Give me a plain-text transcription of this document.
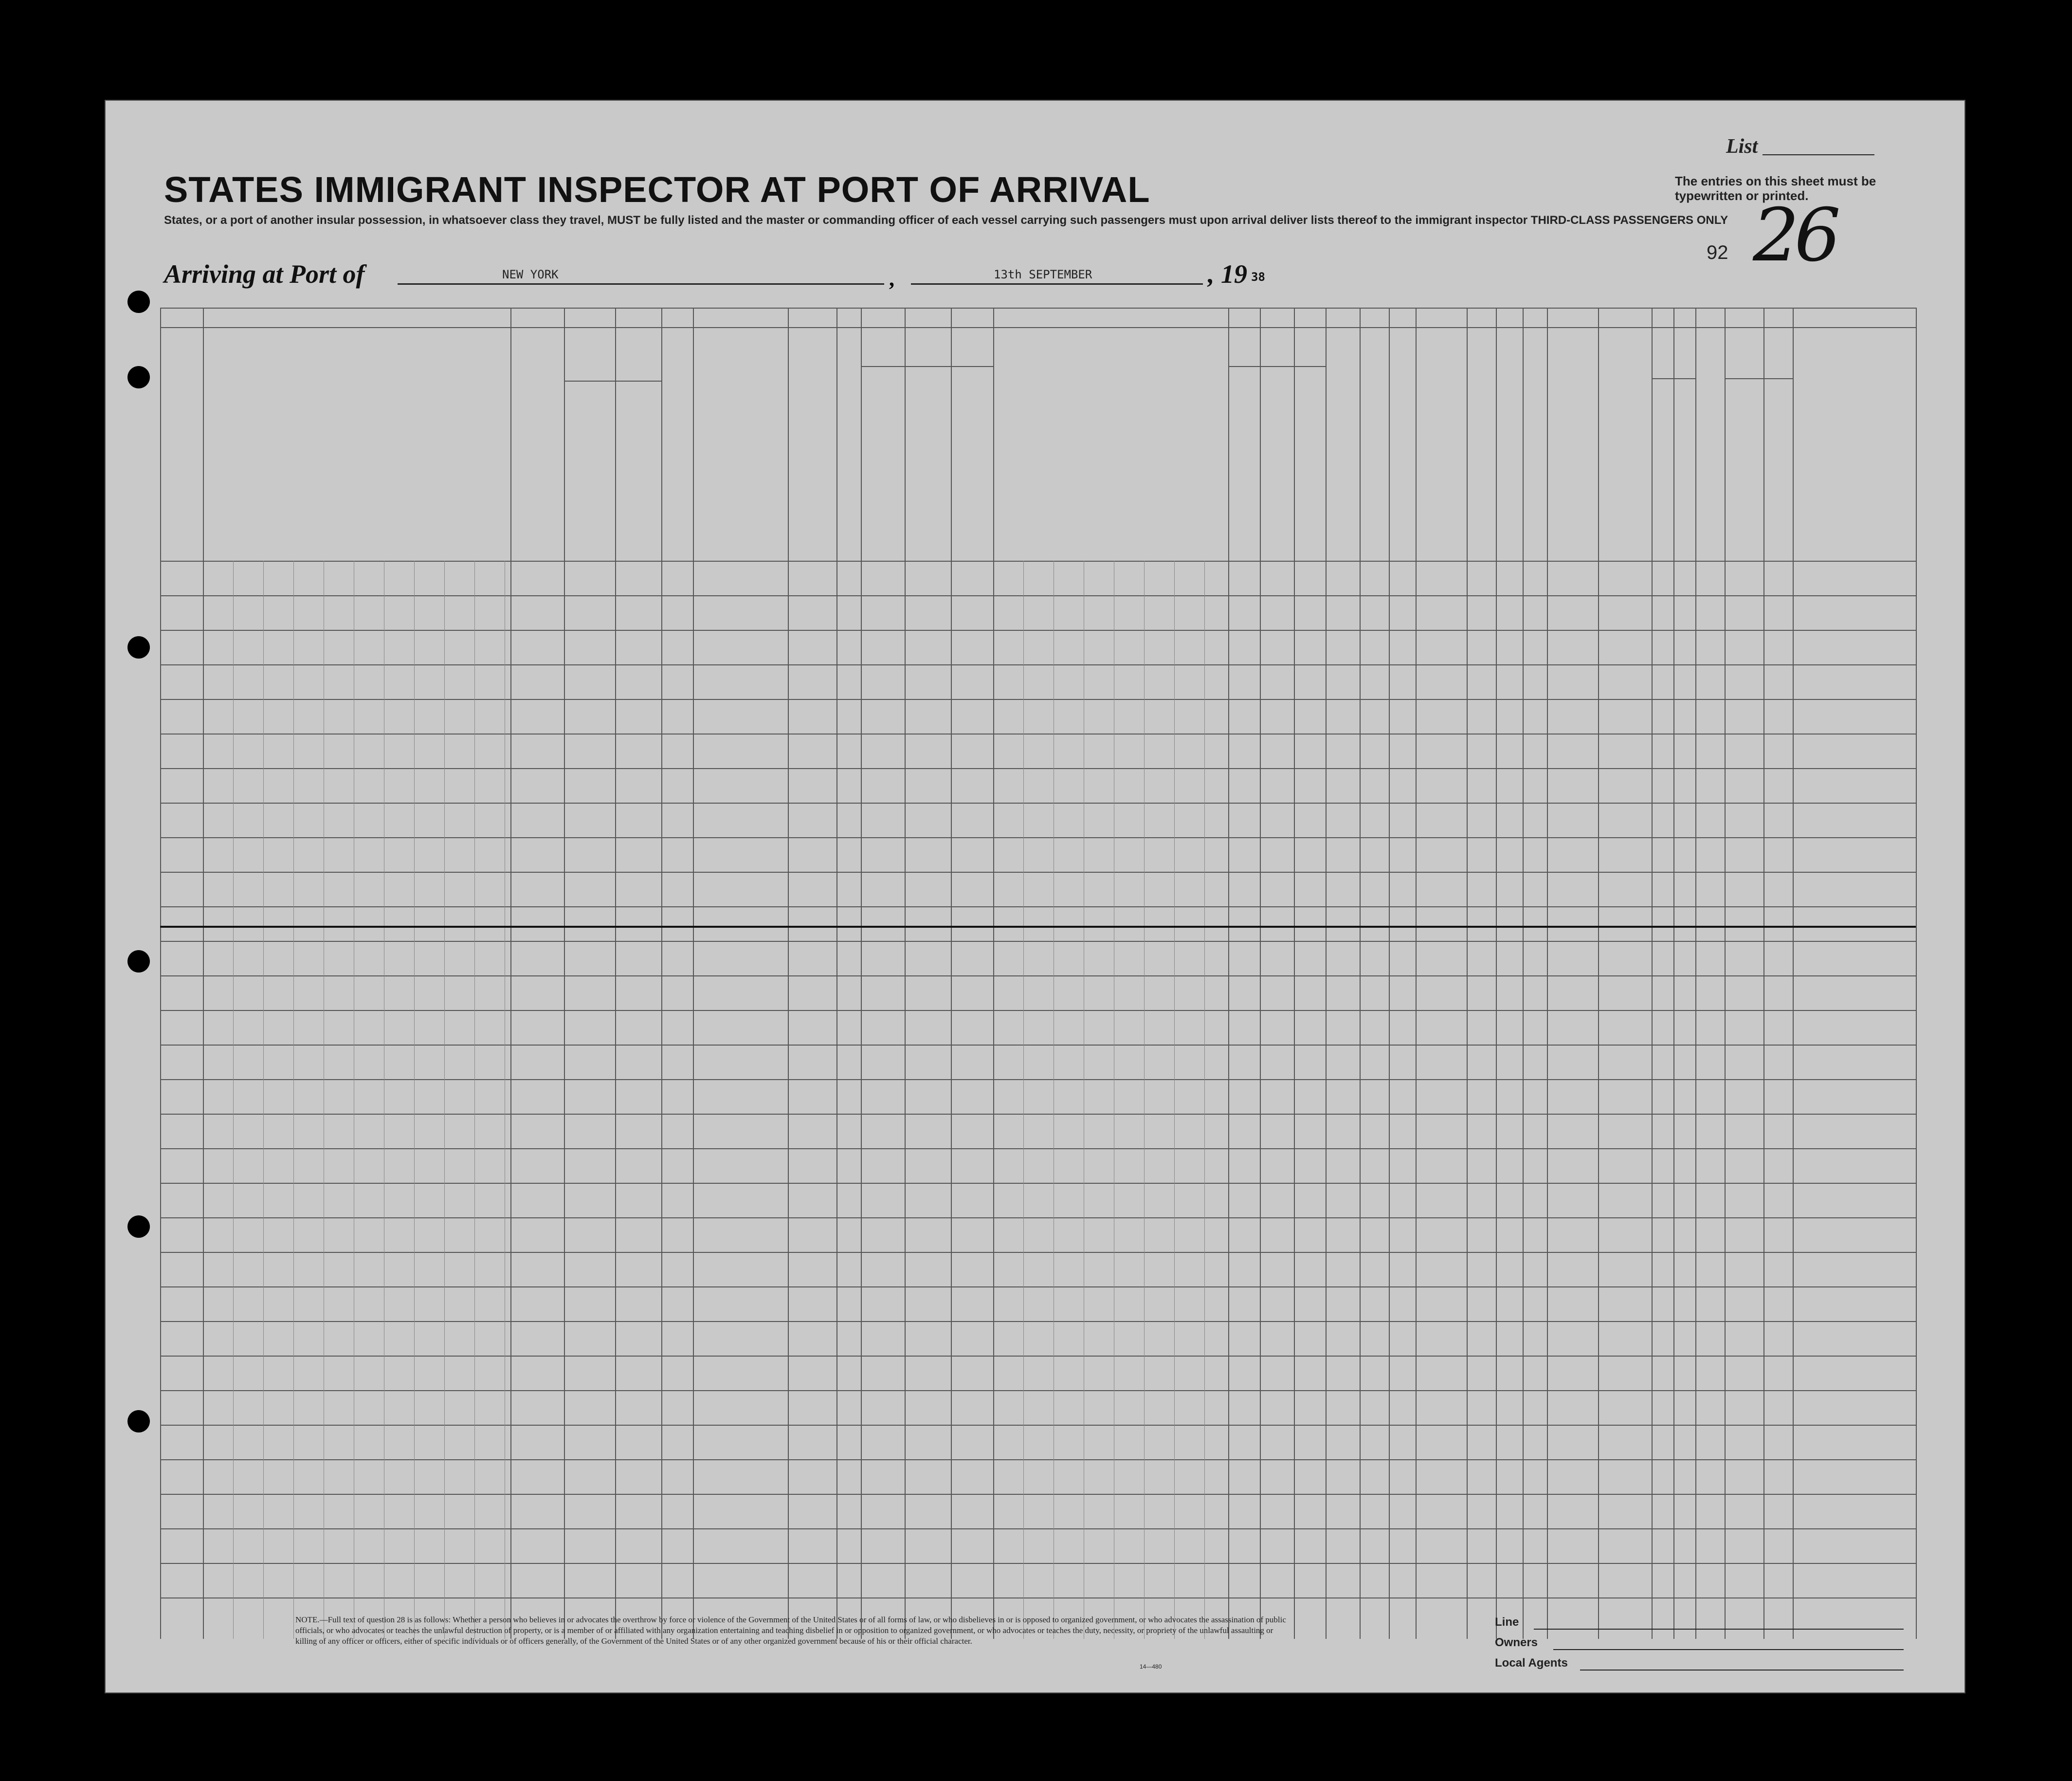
STATES IMMIGRANT INSPECTOR AT PORT OF ARRIVAL
States, or a port of another insular possession, in whatsoever class they travel, MUST be fully listed and the master or commanding officer of each vessel carrying such passengers must upon arrival deliver lists thereof to the immigrant inspector THIRD-CLASS PASSENGERS ONLY
Arriving at Port of	NEW YORK	,	13th SEPTEMBER	, 19 38
List
The entries on this sheet must be typewritten or printed.
92 26
NOTE.—Full text of question 28 is as follows: Whether a person who believes in or advocates the overthrow by force or violence of the Government of the United States or of all forms of law, or who disbelieves in or is opposed to organized government, or who advocates the assassination of public officials, or who advocates or teaches the unlawful destruction of property, or is a member of or affiliated with any organization entertaining and teaching disbelief in or opposition to organized government, or who advocates or teaches the duty, necessity, or propriety of the unlawful assaulting or killing of any officer or officers, either of specific individuals or of officers generally, of the Government of the United States or of any other organized government because of his or their official character.
Line
Owners
Local Agents
14—480
